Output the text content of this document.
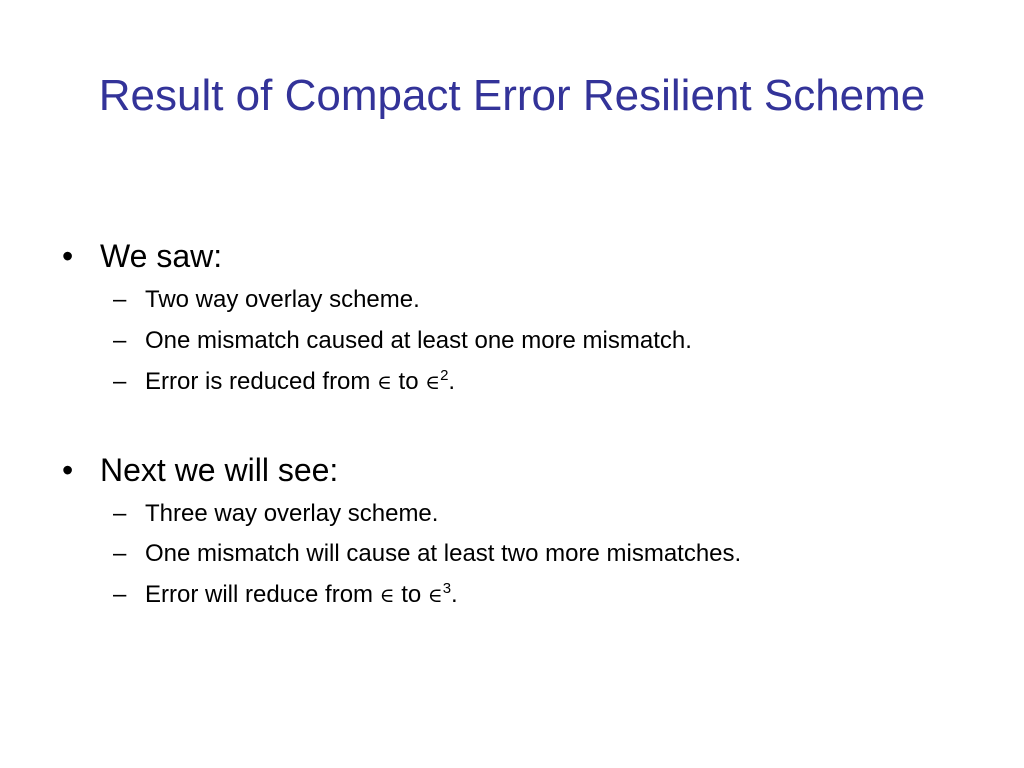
Result of Compact Error Resilient Scheme
• We saw:
– Two way overlay scheme.
– One mismatch caused at least one more mismatch.
– Error is reduced from ∈ to ∈$^2$.
• Next we will see:
– Three way overlay scheme.
– One mismatch will cause at least two more mismatches.
– Error will reduce from ∈ to ∈$^3$.
